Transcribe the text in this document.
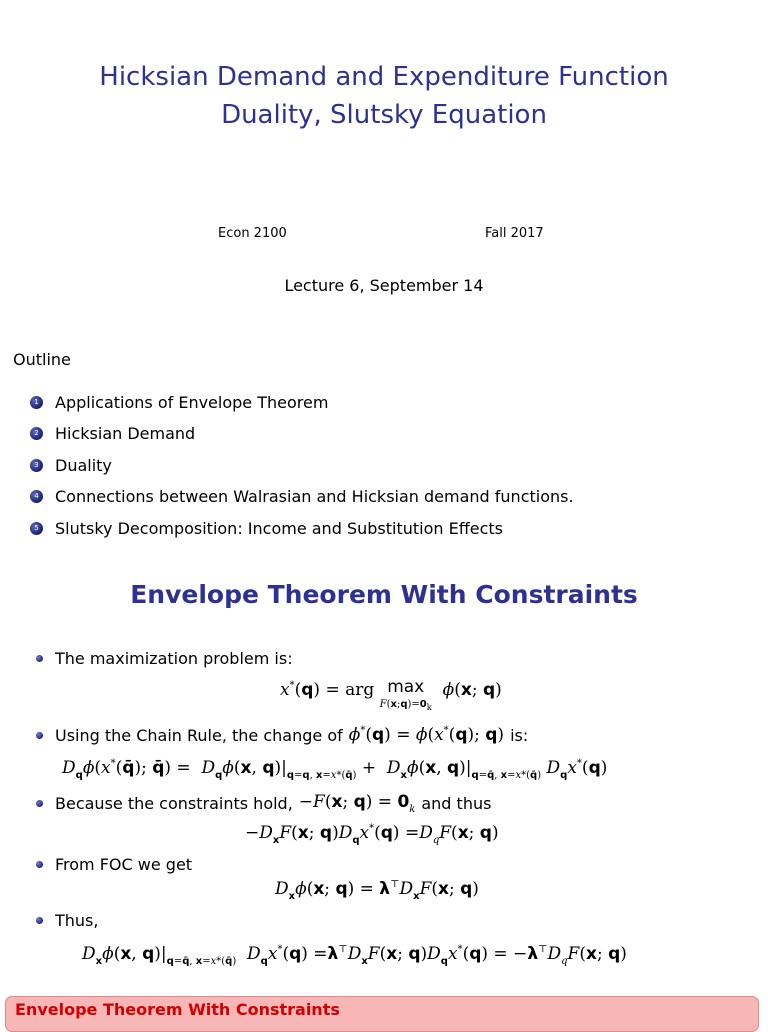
Hicksian Demand and Expenditure Function
Duality, Slutsky Equation
Econ 2100	Fall 2017
Lecture 6, September 14
Outline
1 Applications of Envelope Theorem
2 Hicksian Demand
3 Duality
4 Connections between Walrasian and Hicksian demand functions.
5 Slutsky Decomposition: Income and Substitution Effects
Envelope Theorem With Constraints
The maximization problem is:
x*(q) = arg max
$F(x;q)=0_k$  ϕ(x; q)
Using the Chain Rule, the change of ϕ*(q) = ϕ(x*(q); q) is:
$D_q\phi(x^*(q̄)$; q̄) =  $D_q\phi(x$, $q)|_{q=q, x=x*(q̄)} + D_x\phi(x$, $q)|_{q=q̄, x=x*(q̄)}$ $D_qx^*(q)$
Because the constraints hold, −F(x; $q) = 0_k$ and thus
$-D_xF(x$; $q)D_qx^*(q) =D_qF(x$; q)
From FOC we get
$D_x\phi(x$; $q) = \lambda^⊤D_xF(x$; q)
Thus,
$D_x\phi(x$, $q)|_{q=q̄, x=x*(q̄)}$ $D_qx^*(q) =\lambda^⊤D_xF(x$; $q)D_qx^*(q) = -\lambda^⊤D_qF(x$; q)
Envelope Theorem With Constraints
